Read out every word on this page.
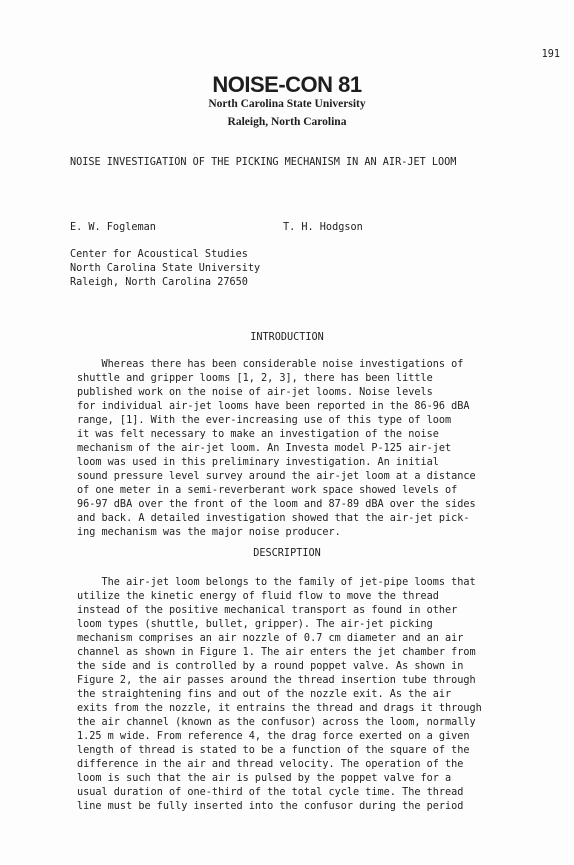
191
NOISE-CON 81
North Carolina State University
Raleigh, North Carolina
NOISE INVESTIGATION OF THE PICKING MECHANISM IN AN AIR-JET LOOM
E. W. Fogleman	T. H. Hodgson
Center for Acoustical Studies
North Carolina State University
Raleigh, North Carolina 27650
INTRODUCTION
Whereas there has been considerable noise investigations of
shuttle and gripper looms [1, 2, 3], there has been little
published work on the noise of air-jet looms. Noise levels
for individual air-jet looms have been reported in the 86-96 dBA
range, [1]. With the ever-increasing use of this type of loom
it was felt necessary to make an investigation of the noise
mechanism of the air-jet loom. An Investa model P-125 air-jet
loom was used in this preliminary investigation. An initial
sound pressure level survey around the air-jet loom at a distance
of one meter in a semi-reverberant work space showed levels of
96-97 dBA over the front of the loom and 87-89 dBA over the sides
and back. A detailed investigation showed that the air-jet pick-
ing mechanism was the major noise producer.
DESCRIPTION
The air-jet loom belongs to the family of jet-pipe looms that
utilize the kinetic energy of fluid flow to move the thread
instead of the positive mechanical transport as found in other
loom types (shuttle, bullet, gripper). The air-jet picking
mechanism comprises an air nozzle of 0.7 cm diameter and an air
channel as shown in Figure 1. The air enters the jet chamber from
the side and is controlled by a round poppet valve. As shown in
Figure 2, the air passes around the thread insertion tube through
the straightening fins and out of the nozzle exit. As the air
exits from the nozzle, it entrains the thread and drags it through
the air channel (known as the confusor) across the loom, normally
1.25 m wide. From reference 4, the drag force exerted on a given
length of thread is stated to be a function of the square of the
difference in the air and thread velocity. The operation of the
loom is such that the air is pulsed by the poppet valve for a
usual duration of one-third of the total cycle time. The thread
line must be fully inserted into the confusor during the period
